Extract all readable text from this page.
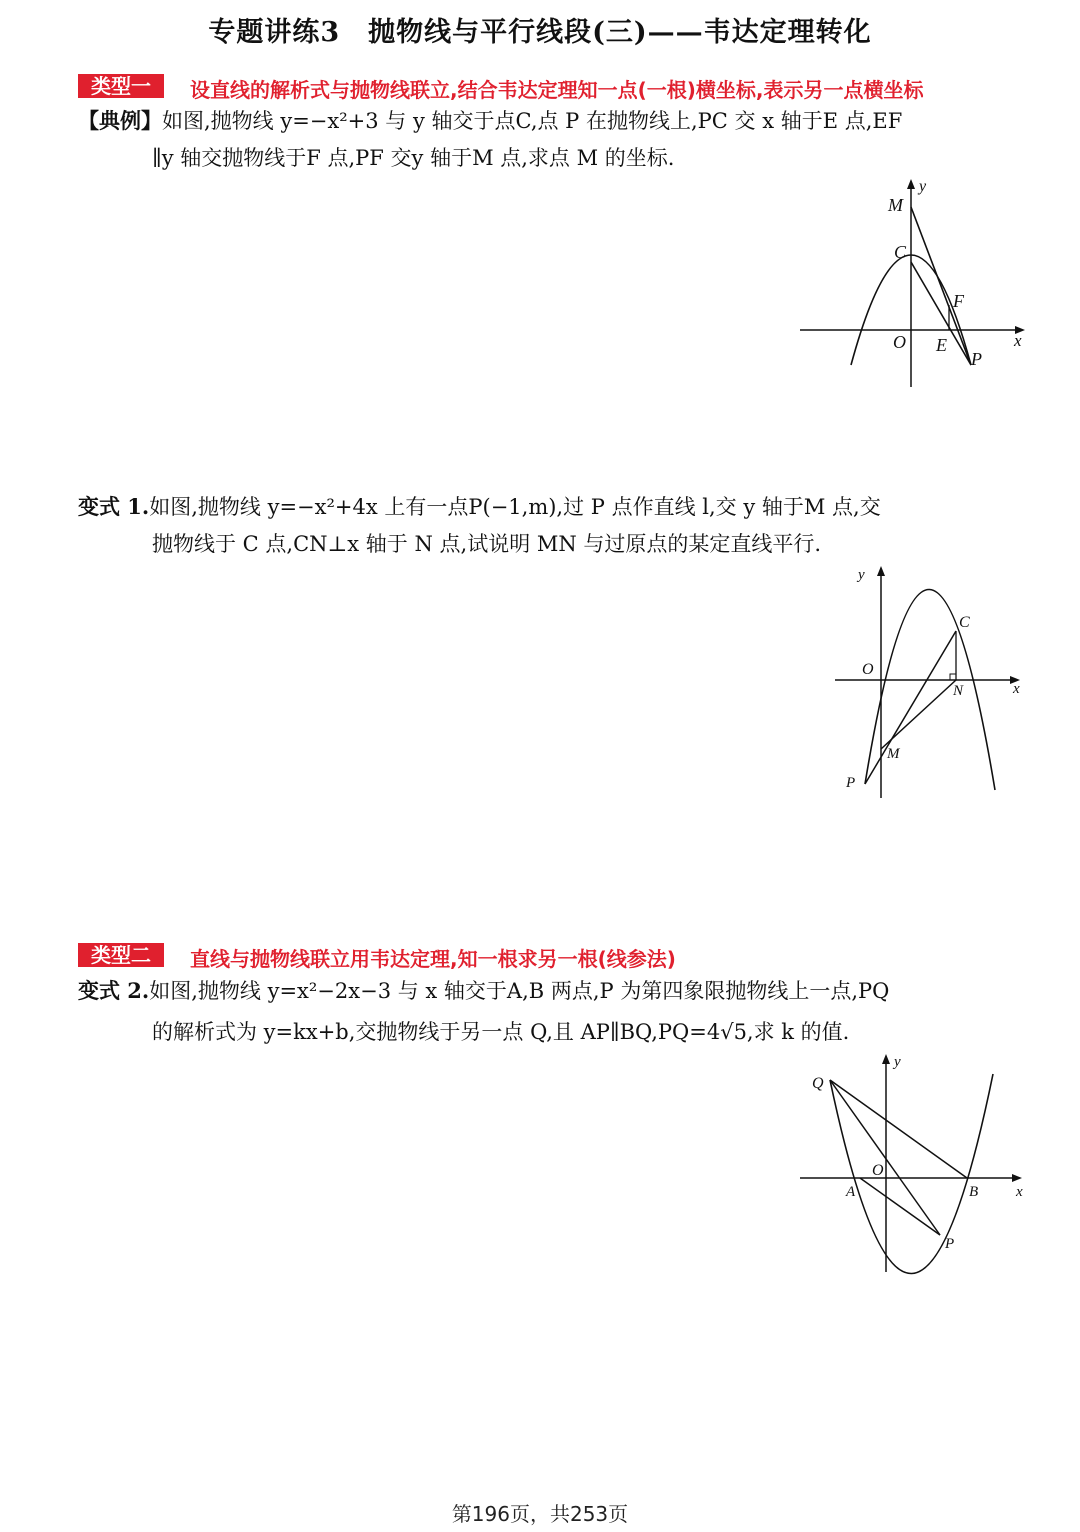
专题讲练3　抛物线与平行线段(三)——韦达定理转化
类型一	设直线的解析式与抛物线联立,结合韦达定理知一点(一根)横坐标,表示另一点横坐标
【典例】如图,抛物线 y=−x²+3 与 y 轴交于点C,点 P 在抛物线上,PC 交 x 轴于E 点,EF
∥y 轴交抛物线于F 点,PF 交y 轴于M 点,求点 M 的坐标.
y
x
M
C
F
O E
P
变式 1.如图,抛物线 y=−x²+4x 上有一点P(−1,m),过 P 点作直线 l,交 y 轴于M 点,交
抛物线于 C 点,CN⊥x 轴于 N 点,试说明 MN 与过原点的某定直线平行.
y
x
O
C
N
M
P
类型二	直线与抛物线联立用韦达定理,知一根求另一根(线参法)
变式 2.如图,抛物线 y=x²−2x−3 与 x 轴交于A,B 两点,P 为第四象限抛物线上一点,PQ
的解析式为 y=kx+b,交抛物线于另一点 Q,且 AP∥BQ,PQ=4√5,求 k 的值.
Q
y
O
A	B	x
P
第196页，共253页
